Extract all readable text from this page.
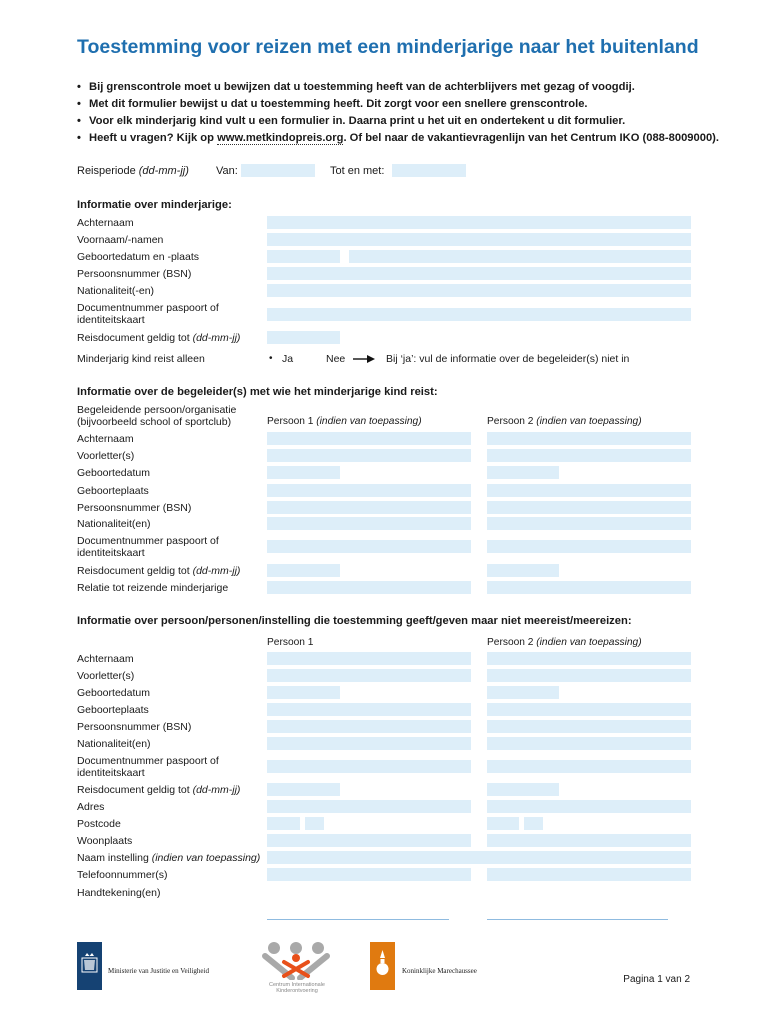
Toestemming voor reizen met een minderjarige naar het buitenland
• Bij grenscontrole moet u bewijzen dat u toestemming heeft van de achterblijvers met gezag of voogdij.
• Met dit formulier bewijst u dat u toestemming heeft. Dit zorgt voor een snellere grenscontrole.
• Voor elk minderjarig kind vult u een formulier in. Daarna print u het uit en ondertekent u dit formulier.
• Heeft u vragen? Kijk op www.metkindopreis.org. Of bel naar de vakantievragenlijn van het Centrum IKO (088-8009000).
Reisperiode (dd-mm-jj) Van:	Tot en met:
Informatie over minderjarige:
Achternaam
Voornaam/-namen
Geboortedatum en -plaats
Persoonsnummer (BSN)
Nationaliteit(-en)
Documentnummer paspoort of
identiteitskaart
Reisdocument geldig tot (dd-mm-jj)
Minderjarig kind reist alleen	• Ja	Nee	Bij ‘ja’: vul de informatie over de begeleider(s) niet in
Informatie over de begeleider(s) met wie het minderjarige kind reist:
Begeleidende persoon/organisatie
(bijvoorbeeld school of sportclub)	Persoon 1 (indien van toepassing)	Persoon 2 (indien van toepassing)
Achternaam
Voorletter(s)
Geboortedatum
Geboorteplaats
Persoonsnummer (BSN)
Nationaliteit(en)
Documentnummer paspoort of
identiteitskaart
Reisdocument geldig tot (dd-mm-jj)
Relatie tot reizende minderjarige
Informatie over persoon/personen/instelling die toestemming geeft/geven maar niet meereist/meereizen:
Persoon 1	Persoon 2 (indien van toepassing)
Achternaam
Voorletter(s)
Geboortedatum
Geboorteplaats
Persoonsnummer (BSN)
Nationaliteit(en)
Documentnummer paspoort of
identiteitskaart
Reisdocument geldig tot (dd-mm-jj)
Adres
Postcode
Woonplaats
Naam instelling (indien van toepassing)
Telefoonnummer(s)
Handtekening(en)
Ministerie van Justitie en Veiligheid
Centrum Internationale
Kinderontvoering
Koninklijke Marechaussee
Pagina 1 van 2
